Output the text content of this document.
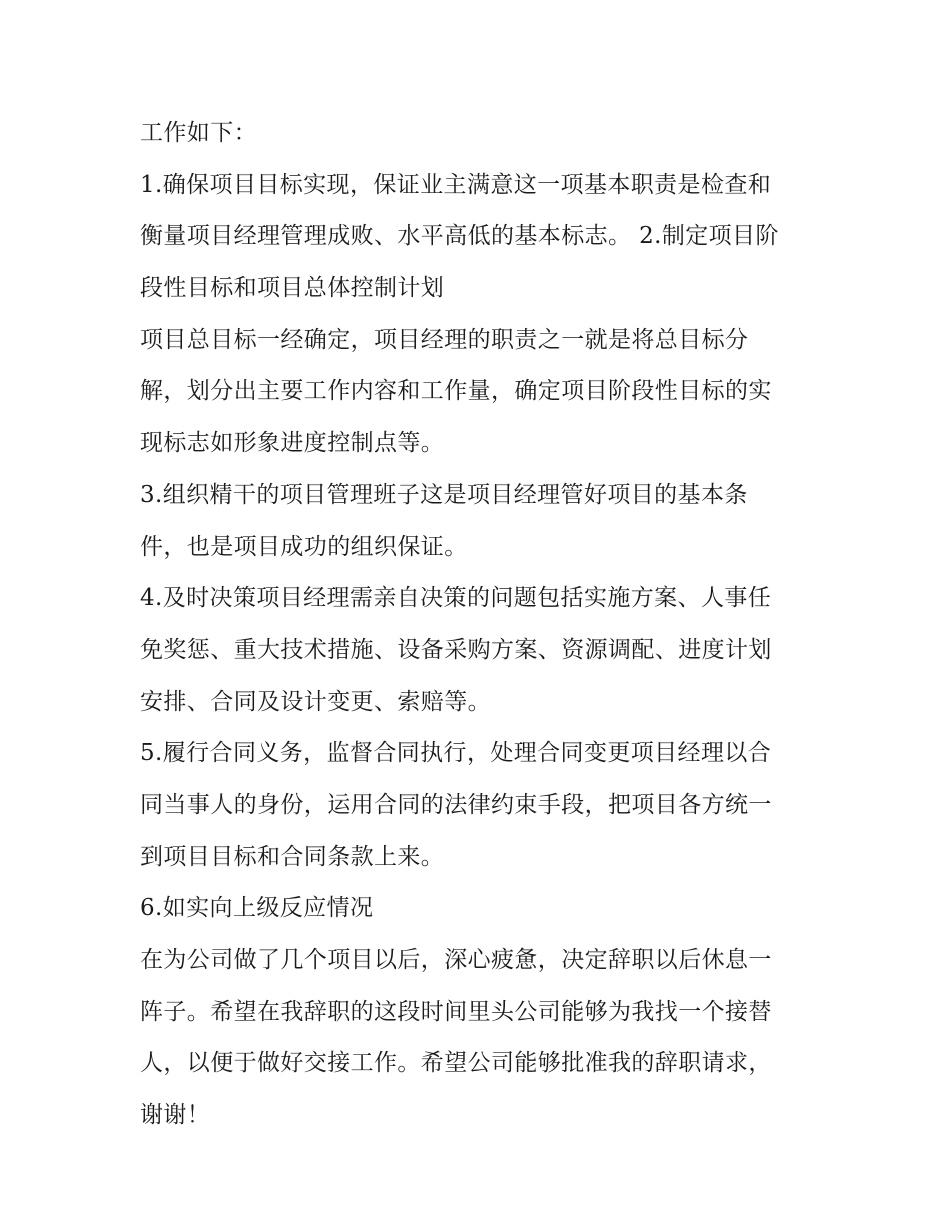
工作如下：
1.确保项目目标实现，保证业主满意这一项基本职责是检查和
衡量项目经理管理成败、水平高低的基本标志。 2.制定项目阶
段性目标和项目总体控制计划
项目总目标一经确定，项目经理的职责之一就是将总目标分
解，划分出主要工作内容和工作量，确定项目阶段性目标的实
现标志如形象进度控制点等。
3.组织精干的项目管理班子这是项目经理管好项目的基本条
件，也是项目成功的组织保证。
4.及时决策项目经理需亲自决策的问题包括实施方案、人事任
免奖惩、重大技术措施、设备采购方案、资源调配、进度计划
安排、合同及设计变更、索赔等。
5.履行合同义务，监督合同执行，处理合同变更项目经理以合
同当事人的身份，运用合同的法律约束手段，把项目各方统一
到项目目标和合同条款上来。
6.如实向上级反应情况
在为公司做了几个项目以后，深心疲惫，决定辞职以后休息一
阵子。希望在我辞职的这段时间里头公司能够为我找一个接替
人，以便于做好交接工作。希望公司能够批准我的辞职请求，
谢谢！
